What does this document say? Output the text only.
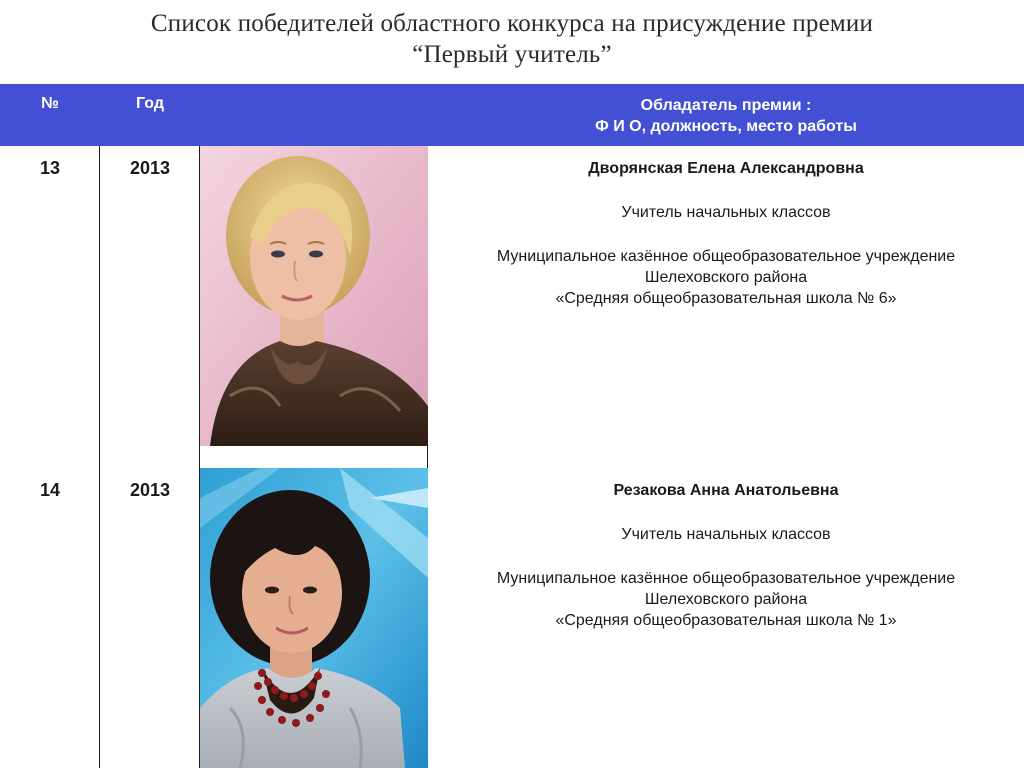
Список победителей областного конкурса на присуждение премии
“Первый учитель”
№	Год	Обладатель премии :
Ф И О, должность, место работы
13	2013	Дворянская Елена Александровна
Учитель начальных классов
Муниципальное казённое общеобразовательное учреждение
Шелеховского района
«Средняя общеобразовательная школа № 6»
14	2013	Резакова Анна Анатольевна
Учитель начальных классов
Муниципальное казённое общеобразовательное учреждение
Шелеховского района
«Средняя общеобразовательная школа № 1»
